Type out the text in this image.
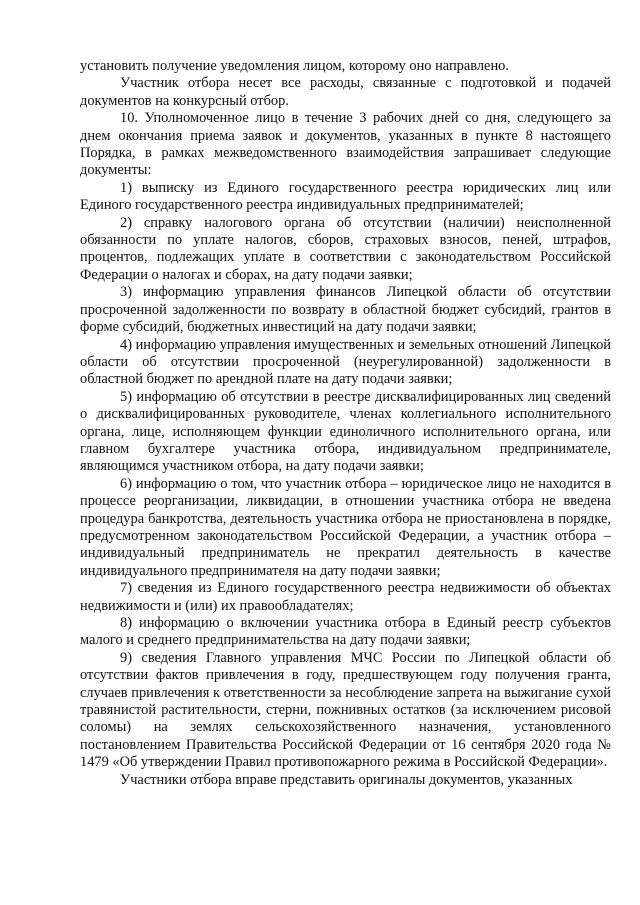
установить получение уведомления лицом, которому оно направлено.

Участник отбора несет все расходы, связанные с подготовкой и подачей документов на конкурсный отбор.

10. Уполномоченное лицо в течение 3 рабочих дней со дня, следующего за днем окончания приема заявок и документов, указанных в пункте 8 настоящего Порядка, в рамках межведомственного взаимодействия запрашивает следующие документы:

1) выписку из Единого государственного реестра юридических лиц или Единого государственного реестра индивидуальных предпринимателей;

2) справку налогового органа об отсутствии (наличии) неисполненной обязанности по уплате налогов, сборов, страховых взносов, пеней, штрафов, процентов, подлежащих уплате в соответствии с законодательством Российской Федерации о налогах и сборах, на дату подачи заявки;

3) информацию управления финансов Липецкой области об отсутствии просроченной задолженности по возврату в областной бюджет субсидий, грантов в форме субсидий, бюджетных инвестиций на дату подачи заявки;

4) информацию управления имущественных и земельных отношений Липецкой области об отсутствии просроченной (неурегулированной) задолженности в областной бюджет по арендной плате на дату подачи заявки;

5) информацию об отсутствии в реестре дисквалифицированных лиц сведений о дисквалифицированных руководителе, членах коллегиального исполнительного органа, лице, исполняющем функции единоличного исполнительного органа, или главном бухгалтере участника отбора, индивидуальном предпринимателе, являющимся участником отбора, на дату подачи заявки;

6) информацию о том, что участник отбора – юридическое лицо не находится в процессе реорганизации, ликвидации, в отношении участника отбора не введена процедура банкротства, деятельность участника отбора не приостановлена в порядке, предусмотренном законодательством Российской Федерации, а участник отбора – индивидуальный предприниматель не прекратил деятельность в качестве индивидуального предпринимателя на дату подачи заявки;

7) сведения из Единого государственного реестра недвижимости об объектах недвижимости и (или) их правообладателях;

8) информацию о включении участника отбора в Единый реестр субъектов малого и среднего предпринимательства на дату подачи заявки;

9) сведения Главного управления МЧС России по Липецкой области об отсутствии фактов привлечения в году, предшествующем году получения гранта, случаев привлечения к ответственности за несоблюдение запрета на выжигание сухой травянистой растительности, стерни, пожнивных остатков (за исключением рисовой соломы) на землях сельскохозяйственного назначения, установленного постановлением Правительства Российской Федерации от 16 сентября 2020 года № 1479 «Об утверждении Правил противопожарного режима в Российской Федерации».

Участники отбора вправе представить оригиналы документов, указанных
